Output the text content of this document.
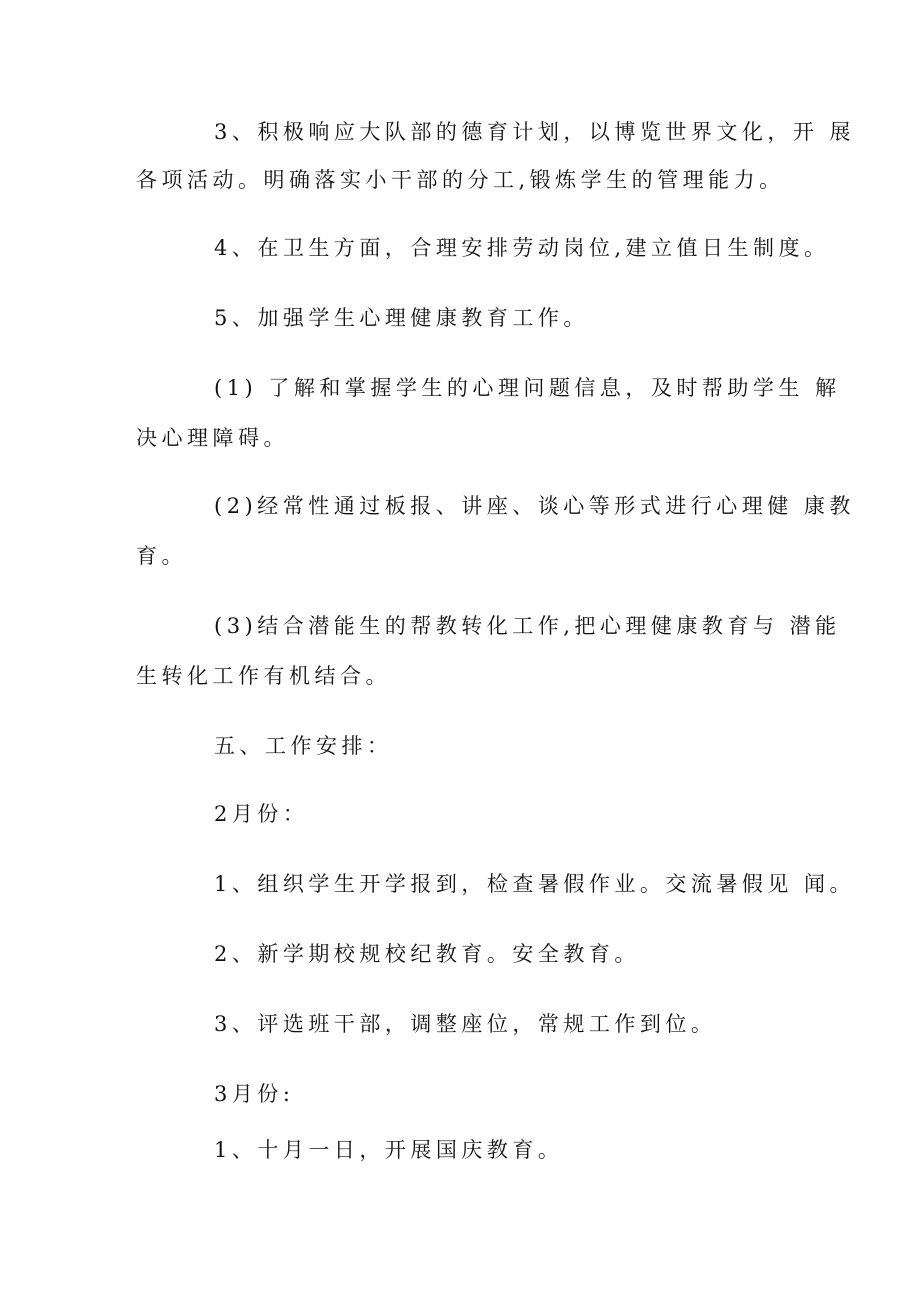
3、积极响应大队部的德育计划，以博览世界文化，开 展
各项活动。明确落实小干部的分工,锻炼学生的管理能力。
4、在卫生方面，合理安排劳动岗位,建立值日生制度。
5、加强学生心理健康教育工作。
(1) 了解和掌握学生的心理问题信息，及时帮助学生 解
决心理障碍。
(2)经常性通过板报、讲座、谈心等形式进行心理健 康教
育。
(3)结合潜能生的帮教转化工作,把心理健康教育与 潜能
生转化工作有机结合。
五、工作安排：
2月份：
1、组织学生开学报到，检查暑假作业。交流暑假见 闻。
2、新学期校规校纪教育。安全教育。
3、评选班干部，调整座位，常规工作到位。
3月份:
1、十月一日，开展国庆教育。
